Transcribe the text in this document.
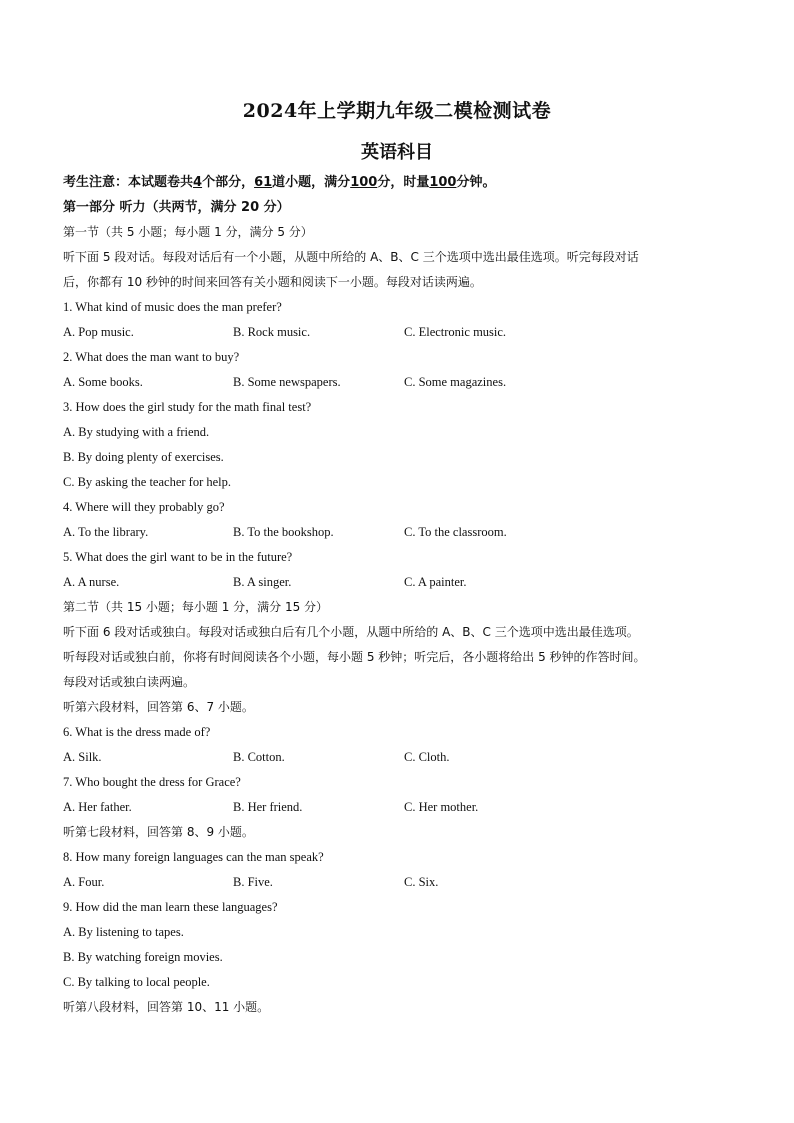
2024年上学期九年级二模检测试卷
英语科目
考生注意：本试题卷共4个部分，61道小题，满分100分，时量100分钟。
第一部分 听力（共两节，满分 20 分）
第一节（共 5 小题；每小题 1 分，满分 5 分）
听下面 5 段对话。每段对话后有一个小题，从题中所给的 A、B、C 三个选项中选出最佳选项。听完每段对话
后，你都有 10 秒钟的时间来回答有关小题和阅读下一小题。每段对话读两遍。
1. What kind of music does the man prefer?
A. Pop music.	B. Rock music.	C. Electronic music.
2. What does the man want to buy?
A. Some books.	B. Some newspapers.	C. Some magazines.
3. How does the girl study for the math final test?
A. By studying with a friend.
B. By doing plenty of exercises.
C. By asking the teacher for help.
4. Where will they probably go?
A. To the library.	B. To the bookshop.	C. To the classroom.
5. What does the girl want to be in the future?
A. A nurse.	B. A singer.	C. A painter.
第二节（共 15 小题；每小题 1 分，满分 15 分）
听下面 6 段对话或独白。每段对话或独白后有几个小题，从题中所给的 A、B、C 三个选项中选出最佳选项。
听每段对话或独白前，你将有时间阅读各个小题，每小题 5 秒钟；听完后，各小题将给出 5 秒钟的作答时间。
每段对话或独白读两遍。
听第六段材料，回答第 6、7 小题。
6. What is the dress made of?
A. Silk.	B. Cotton.	C. Cloth.
7. Who bought the dress for Grace?
A. Her father.	B. Her friend.	C. Her mother.
听第七段材料，回答第 8、9 小题。
8. How many foreign languages can the man speak?
A. Four.	B. Five.	C. Six.
9. How did the man learn these languages?
A. By listening to tapes.
B. By watching foreign movies.
C. By talking to local people.
听第八段材料，回答第 10、11 小题。
